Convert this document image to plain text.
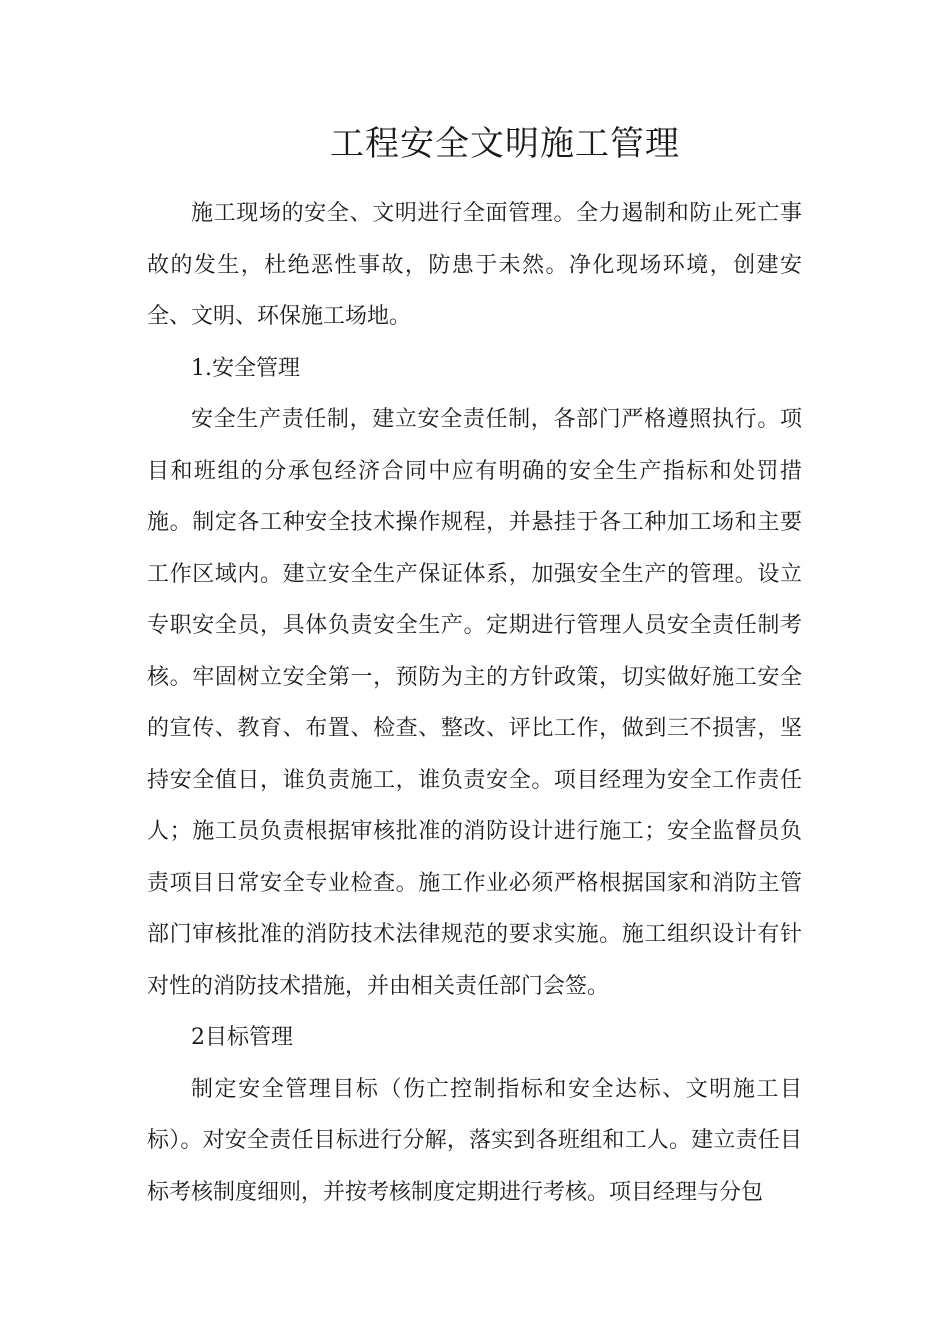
工程安全文明施工管理

施工现场的安全、文明进行全面管理。全力遏制和防止死亡事故的发生，杜绝恶性事故，防患于未然。净化现场环境，创建安全、文明、环保施工场地。

1.安全管理

安全生产责任制，建立安全责任制，各部门严格遵照执行。项目和班组的分承包经济合同中应有明确的安全生产指标和处罚措施。制定各工种安全技术操作规程，并悬挂于各工种加工场和主要工作区域内。建立安全生产保证体系，加强安全生产的管理。设立专职安全员，具体负责安全生产。定期进行管理人员安全责任制考核。牢固树立安全第一，预防为主的方针政策，切实做好施工安全的宣传、教育、布置、检查、整改、评比工作，做到三不损害，坚持安全值日，谁负责施工，谁负责安全。项目经理为安全工作责任人；施工员负责根据审核批准的消防设计进行施工；安全监督员负责项目日常安全专业检查。施工作业必须严格根据国家和消防主管部门审核批准的消防技术法律规范的要求实施。施工组织设计有针对性的消防技术措施，并由相关责任部门会签。

2目标管理

制定安全管理目标（伤亡控制指标和安全达标、文明施工目标）。对安全责任目标进行分解，落实到各班组和工人。建立责任目标考核制度细则，并按考核制度定期进行考核。项目经理与分包
